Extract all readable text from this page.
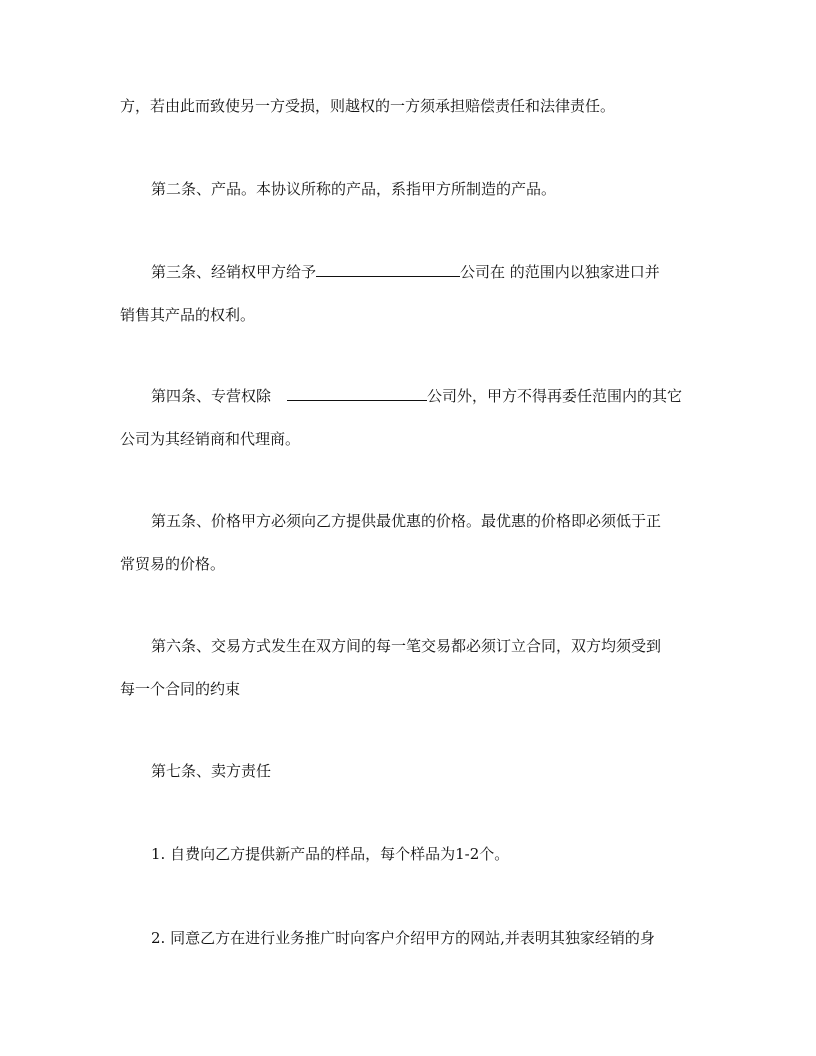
方，若由此而致使另一方受损，则越权的一方须承担赔偿责任和法律责任。
第二条、产品。本协议所称的产品，系指甲方所制造的产品。
第三条、经销权甲方给予	公司在 的范围内以独家进口并
销售其产品的权利。
第四条、专营权除	公司外，甲方不得再委任范围内的其它
公司为其经销商和代理商。
第五条、价格甲方必须向乙方提供最优惠的价格。最优惠的价格即必须低于正
常贸易的价格。
第六条、交易方式发生在双方间的每一笔交易都必须订立合同，双方均须受到
每一个合同的约束
第七条、卖方责任
1. 自费向乙方提供新产品的样品，每个样品为1-2个。
2. 同意乙方在进行业务推广时向客户介绍甲方的网站,并表明其独家经销的身
